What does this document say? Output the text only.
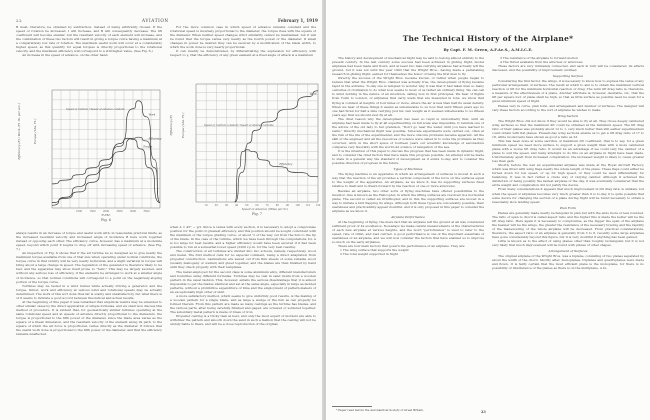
22	AVIATION	February 1, 1919

B must, therefore, be obtained by subtraction, instead of being arbitrarily chosen. If the speed of rotation be increased, I will increase, and B will consequently decrease. The lift coefficient will become smaller, but the resultant velocity of each element will increase, and the combination of these two factors will result in giving a torque curve having a maximum at a comparatively low rate of rotation. The maximum useful work will occur at a considerably higher speed, as this quantity for equal torques is directly proportional to the rotational velocity, and the maximum efficiency will correspond to a still higher value. (See Fig. 6.)

An increase in the speed of advance, on the other hand,

1000	1500	2000	2500	3000	3500
·
·
·
·
·
·
·
·
·
·
·
·
·
Efficiency (E) / Work (Ft. lb. per sec.)	Torque (Lbs. Ft.)
R.P.M.
Fig. 6
Speed of rotation / Speed of advance constant
Work
Efficiency
Torque

always results in an increase of torque and useful work with, in reasonable practical limits, as the increased resultant velocity and increased angle of incidence B here work together instead of opposing each other. The efficiency curve, however, has a maximum at a moderate speed, beyond which point it begins to drop off with increasing speed of advance. (See Fig. 7.)

An inspection of Fig. 6 shows that if the air turbine be so designed as to give nearly the maximum torque available from one of that size when operating under normal conditions, the torque curve in that vicinity will be very nearly horizontal, and a slight variation in torque will bring about a large change in speed. The regulation of the generator is therefore likely to be bad, and the apparatus may show itself prone to "hunt." This may be largely avoided, and without any serious loss of efficiency, if the elements be arranged to work at a smaller angle of incidence, so that normal conditions will correspond to a point on the negatively-sloping portion of the torque curve.

Turbines may be tested in a wind tunnel while actually driving a generator, and the torque, thrust, work and efficiency at various wind and rotational speeds may be actually determined. The work of this sort done thus far is scanty and unsatisfactory, but what there is of it seems to indicate a good accord between theoretical and actual results.

At the beginning of this paper it was remarked that empirical results may be extended to other similar cases by the direct application of simple formulas, and we shall now discuss this method of procedure. It is evident that, for geometrically similar turbines operating at the same rotational speed and at speeds of advance directly proportional to the diameters, the torque is proportional to the fifth power of the diameter, since the blade area varies as the square of a linear dimension, and the resultant velocity of the element along its path, to the square of which the air force is proportional, varies directly as the diameter. It follows that the useful work done is proportional to the fifth power of the diameter, and that the efficiency remains unaffected.

For the more common case in which speed of advance remains constant and the rotational speed is inversely proportional to the diameter, the torque rises with the square of the diameter. When neither speed changes strict similarity cannot be maintained; but it will be found that the torque varies very nearly as the fourth power of the diameter. If small changes in power be desired they can be secured by a modification of the blade width, to which the work done is very nearly proportional.

It can readily be demonstrated, by differentiating the expression for efficiency with respect to γ, that the efficiency of any given element at a fixed angle of attack is a maximum

10	20	30	40	50	60	70	80	90	100 110 120
·
·
·
·
·
·
·
·
·
·
·
·
·
·
·
Efficiency (E)	Torque (Lbs. Ft.)
Speed of Advance (Miles per hr.)
Fig. 7
Speed of rotation constant / Speed of advance variable
Work
Efficiency

when A = 45° − γ/2. Since A varies with every section, it is necessary to adopt a compromise position for the point of greatest efficiency, and this position should be sought coincident with the maximum of the torque grading curve, or about ⅔ of the way out from the hub to the tip of the blade. In the case of the turbine, which we have been through the computations for, A is too large for best results, and a higher efficiency would have been secured if it had been possible to run at a somewhat lower speed (2200 r.p.m. for the very best results).

The construction of air turbines are divided into two schools, namely, respectively, wood and metal. The first method calls for no especial comment, being a direct adaptation from propeller construction. Laminations are sawed out from thin sheets of some suitable wood (usually mahogany or walnut) and glued together, and the blades are then finished by hand until they check properly with their templates.

The metal employed for the second class is some aluminum alloy, different manufacturers and foundries using different formulae. Turbines may be cast in sand molds from a wooden pattern in the usual fashion. This, however, entails the serious disadvantage that it is almost impossible to get the blades identical and set at the same angle, especially in large as-molded patterns, without a prohibitive expenditure of time and the employment of pattern-makers of an exceptionally high order of skill.

A more satisfactory method, which seems to give uniformly good results, is the making of a wooden pattern for a single blade, and as large a wedge of the hub as can properly be formed therein. From this pattern are made as many castings as the turbine has blades, and the various parts, after being carefully finished and gaged, are screwed or soldered together. The subsidiary metal pattern is made of brass or iron.

Propeller casting is a tricky task at best, and only the most expert of molders are able to withdraw the pattern and smooth down the sand in such a fashion that the casting will not be unduly liable to flaws, and will be a close reproduction of the original.

The Technical History of the Airplane*
By Capt. F. M. Green, A.F.Ae.S., A.M.I.C.E.

The history and development of mechanical flight may be said to belong almost entirely to the present century. In the last century some success had been achieved in gliding flight, model airplanes had been made and flown, and at least two man-carrying airplanes had actually left the ground, but it was not until the year 1903 that the Wright Bros., having made a painstaking research in gliding flight, earned for themselves the honor of being the first men to fly.

Directly the success of the Wright Bros. became known, or rather when people began to believe that what the Wright Bros. claimed was actually true, the development of flying became rapid in the extreme. To-day one is tempted to wonder why it was that it had taken man so many centuries of civilization to do what now seems to most of us rather an ordinary thing. We can call to mind nothing in the nature of an invention, calling now in first principles. We hear of flights from Turin to London, of airplanes that carry loads that are measured in tons, we know that flying is common at heights of four miles or more, where the air is less than half its usual density. When we hear of these things it seems as unbelievable to us now that until fifteen years ago no one had flown for half a mile carrying just his own weight as it seemed unbelievable to us fifteen years ago that we should ever fly at all.

The chief reason why the development has been so rapid is undoubtedly that, until an airplane had been made to fly at all experimenting on full scale was impossible. It reminds one of the advice of the old lady to her grandson, "Don't go near the water until you have learned to swim." Directly mechanical flight was possible, full-scale experiments were carried out, often at the risk of the life of the experimenter, and the more obscure problems became apparent. All the skill of the engineer and all the resources of science were called in to solve the problems as they occurred, until, in the short space of fourteen years our scientific knowledge of aeronautics compares very favorably with the world-old science of navigation of the sea.

It is the intention of this paper to discuss the progress that has been made in dynamic flight, and to consider the chief factors that have made this progress possible. An attempt will be made to state in a general way the standard of development as it exists to-day, and to consider the possible direction of progress in the future.

Types of Machines

The flying machine is an apparatus in which an arrangement of surfaces is moved in such a way that the reaction of the air provides a vertical component of the force on the surfaces equal to the weight of the apparatus. An airplane, as we know it, has its supporting surfaces fixed relative to itself and is drawn forward by the reaction of one or more airscrews.

Besides an airplane, two other sorts of flying machines have offered possibilities to the inventor. One is known as the Helicopter, in which the lifting surfaces are revolved in a horizontal plane. The second is called an Ornithopter, and in this the supporting surfaces are moved in a way to imitate a bird flapping its wings. Although both these types are conceivably possible, their usefulness and practicability appear doubtful, and it is only proposed in this paper to consider the airplane as we know it.

Airplane Performance

At the beginning of flying, the mere fact that an airplane left the ground at all was considered sufficient proof of its excellence. Nowadays we make careful measurements of the characteristics of each new airplane at various heights, and the word "performance" is used to refer to the speed, rate of climb, and load carried. A good performance is one of the important essentials of usefulness of an airplane, and we will now consider the factors that have enabled us to improve so much on the early airplanes.

There are four main factors that govern the performance of an airplane. They are:

1 The wing surface that supports the weight

2 The total weight supported in flight

* Paper read before the Aeronautical Society of Great Britain.

3 The resistance of the airplane to forward motion

4 The thrust available from the airscrew or airscrews

These factors are very intimately connected, and each in turn will be considered, its effects discussed, and the possibility of improvement outlined.

Supporting Surface

Considering the first factor, the wings, it is necessary to know how to express the value of any particular arrangement of surfaces. The result at which to aim is to obtain the maximum vertical reaction or lift for the minimum horizontal reaction or drag. The term lift drag ratio is, therefore, a measure of the effectiveness of a plane. Another attribute is, however, desirable, viz., that the lift per square foot of plane shall be high, so that as little surface as possible need be used for a given minimum speed of flight.

Planes vary in curve, plan form, and arrangement and number of surfaces. The designer will vary these factors according to the sort of airplane he wishes to make.

Wing Section

The Wright Bros. did not know if they would be able to fly at all. They chose deeply cambered wing surfaces so that the maximum lift could be obtained at the minimum speed. The lift drag ratio of their planes was probably about 12 to 1, very much better than still earlier experimenters could obtain with flat planes. Present-day wing sections enable us to get a lift drag ratio of 17 to 18, while model tests have shown as good a ratio as 23.

This has been done at some sacrifice of maximum lift coefficient, that is to say, for a given minimum speed we need more surface to support a given weight than with a more cambered plane with a worse lift drag ratio. It would be an advantage if we could vary the camber of a plane to suit the speed, and many attempts to do this on an airplane in flight have been made. Unfortunately, apart from increased complication, the increased weight is likely to cause greater loss than gain.

Shortly before the war an experimental airplane was made at the Royal Aircraft Factory, which was fitted with wing flaps nearly the whole length of the plane. These flaps could either be turned down for low speed, or up for high speed, or they could be used differentially for balancing. It was in fact rather a crude way of varying camber. Although it achieved the distinction of being possibly the fastest airplane of the day, it was eventually considered that the extra weight and complication did not justify the device.

From many considerations it appears that much improvement in lift drag ratio is unlikely, but when the speed of airplanes becomes very much greater than it is to-day, it is quite possible that some device for changing the section of a plane during flight will be found necessary to obtain a reasonably slow landing speed.

Plan Form

Planes are generally made nearly rectangular in plan but with the ends more or less rounded. The ratio of span to chord is called aspect ratio and the higher this is made the better will be the lift drag ratio. Here again it is necessary to compromise, as the bigger the span of the airplane the heavier will be the wings, the greater the resistance of the necessary bracing and the rapidity of the maneuvering of the whole airplane will be decreased. From practical considerations, therefore, the aspect ratio of an airplane is generally from 5 to 8, recently some large airplanes have gone considerably beyond this figure, but it is very doubtful if anything has been gained.

Little is known as to the effect of using planes other than roughly rectangular, but it is not very likely that much improvement will be found with planes of other shapes.

Arrangement of Surfaces

The original airplane of the Wright Bros. was a biplane, consisting of two planes separated by about the width of the chord. Shortly after, monoplanes, triplanes and quadruplanes were made and flown. It is fairly certain that the most efficient plane is the monoplane, for there is no possibility of interference of the planes as there is on the multiplane. A bi-

23
